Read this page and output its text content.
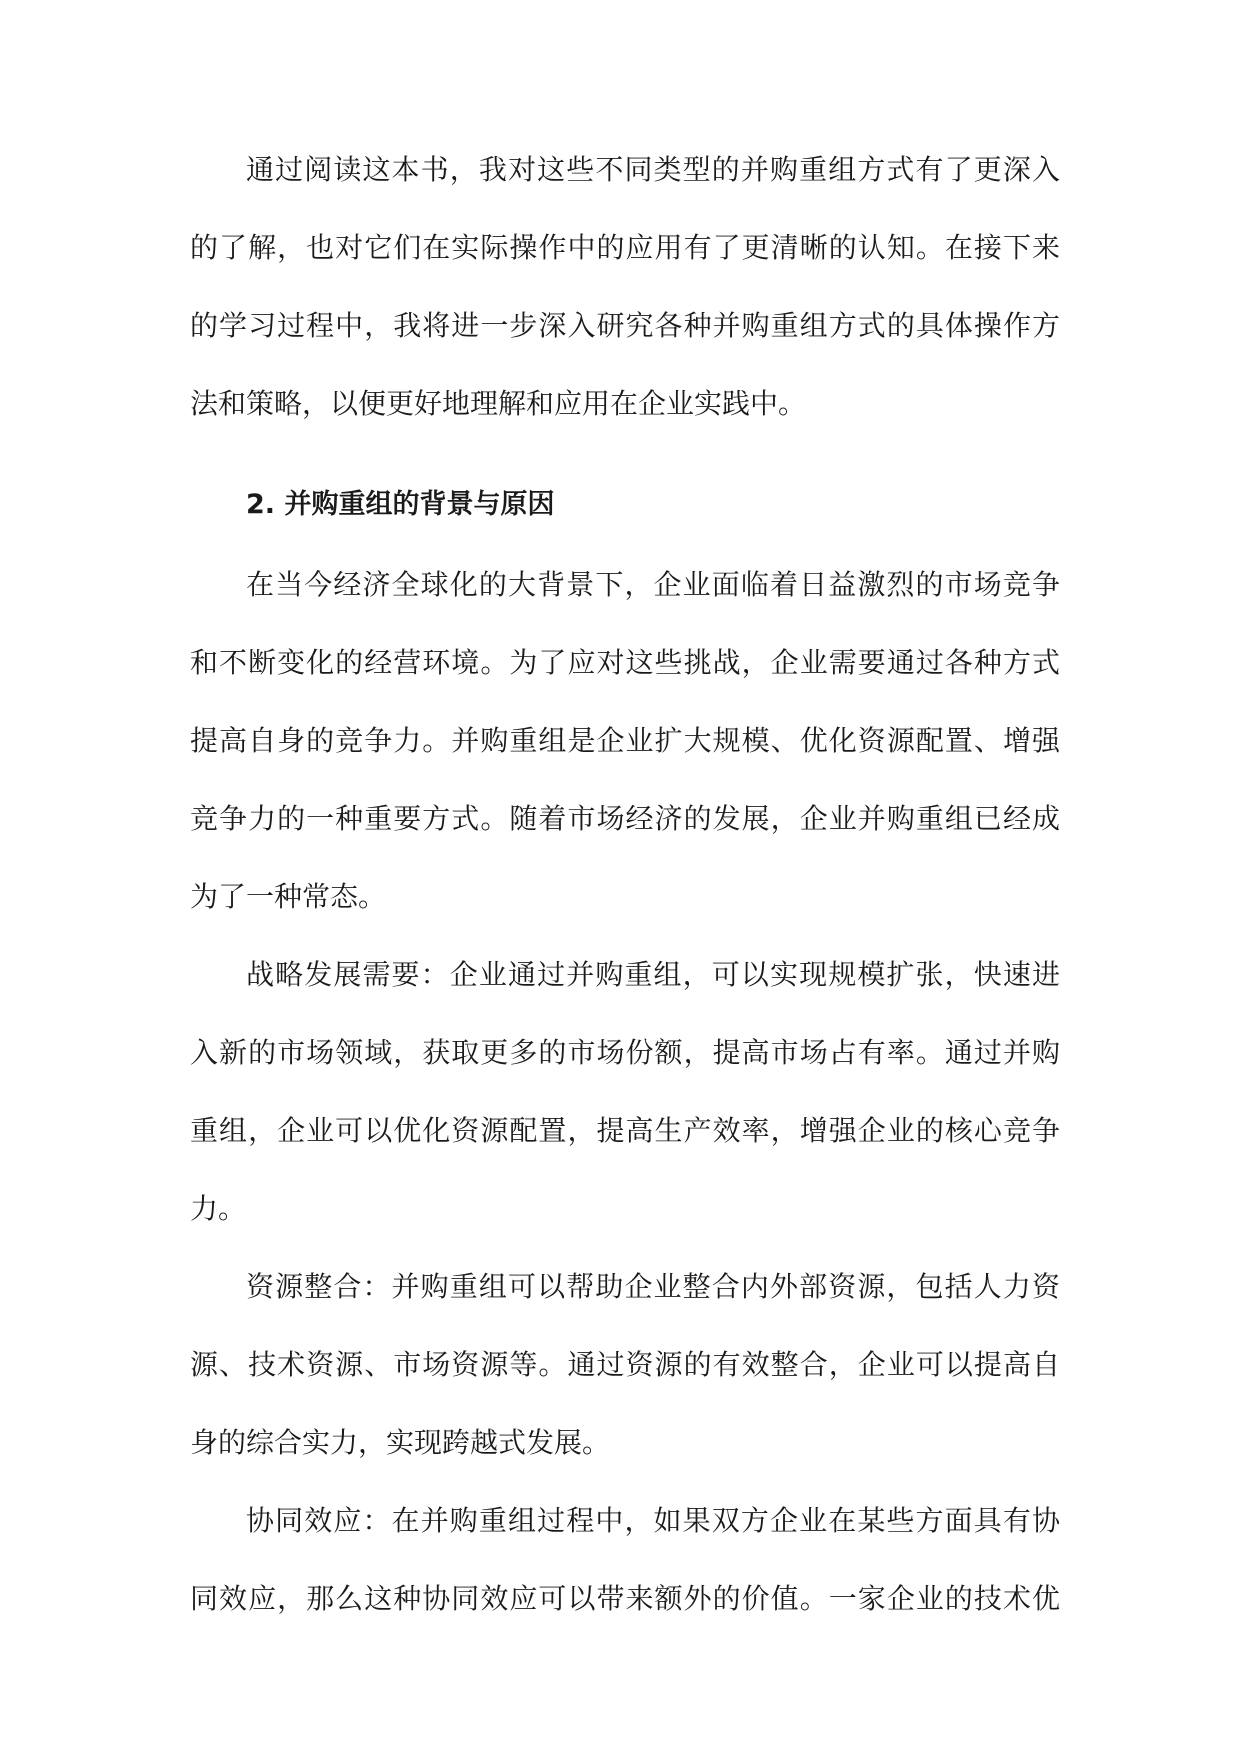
通过阅读这本书，我对这些不同类型的并购重组方式有了更深入
的了解，也对它们在实际操作中的应用有了更清晰的认知。在接下来
的学习过程中，我将进一步深入研究各种并购重组方式的具体操作方
法和策略，以便更好地理解和应用在企业实践中。
2. 并购重组的背景与原因
在当今经济全球化的大背景下，企业面临着日益激烈的市场竞争
和不断变化的经营环境。为了应对这些挑战，企业需要通过各种方式
提高自身的竞争力。并购重组是企业扩大规模、优化资源配置、增强
竞争力的一种重要方式。随着市场经济的发展，企业并购重组已经成
为了一种常态。
战略发展需要：企业通过并购重组，可以实现规模扩张，快速进
入新的市场领域，获取更多的市场份额，提高市场占有率。通过并购
重组，企业可以优化资源配置，提高生产效率，增强企业的核心竞争
力。
资源整合：并购重组可以帮助企业整合内外部资源，包括人力资
源、技术资源、市场资源等。通过资源的有效整合，企业可以提高自
身的综合实力，实现跨越式发展。
协同效应：在并购重组过程中，如果双方企业在某些方面具有协
同效应，那么这种协同效应可以带来额外的价值。一家企业的技术优
